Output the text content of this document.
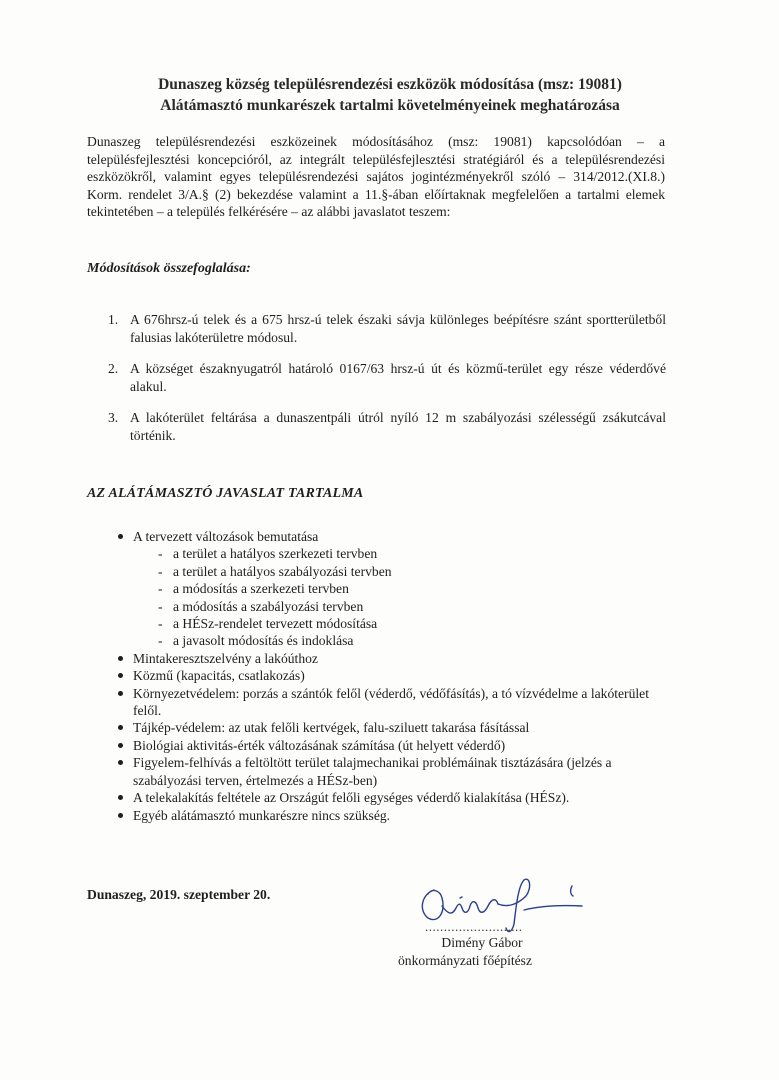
Dunaszeg község településrendezési eszközök módosítása (msz: 19081)
Alátámasztó munkarészek tartalmi követelményeinek meghatározása
Dunaszeg településrendezési eszközeinek módosításához (msz: 19081) kapcsolódóan – a településfejlesztési koncepcióról, az integrált településfejlesztési stratégiáról és a településrendezési eszközökről, valamint egyes településrendezési sajátos jogintézményekről szóló – 314/2012.(XI.8.) Korm. rendelet 3/A.§ (2) bekezdése valamint a 11.§-ában előírtaknak megfelelően a tartalmi elemek tekintetében – a település felkérésére – az alábbi javaslatot teszem:
Módosítások összefoglalása:
1. A 676hrsz-ú telek és a 675 hrsz-ú telek északi sávja különleges beépítésre szánt sportterületből falusias lakóterületre módosul.
2. A községet északnyugatról határoló 0167/63 hrsz-ú út és közmű-terület egy része véderdővé alakul.
3. A lakóterület feltárása a dunaszentpáli útról nyíló 12 m szabályozási szélességű zsákutcával történik.
AZ ALÁTÁMASZTÓ JAVASLAT TARTALMA
A tervezett változások bemutatása
- a terület a hatályos szerkezeti tervben
- a terület a hatályos szabályozási tervben
- a módosítás a szerkezeti tervben
- a módosítás a szabályozási tervben
- a HÉSz-rendelet tervezett módosítása
- a javasolt módosítás és indoklása
Mintakeresztszelvény a lakóúthoz
Közmű (kapacitás, csatlakozás)
Környezetvédelem: porzás a szántók felől (véderdő, védőfásítás), a tó vízvédelme a lakóterület felől.
Tájkép-védelem: az utak felőli kertvégek, falu-sziluett takarása fásítással
Biológiai aktivitás-érték változásának számítása (út helyett véderdő)
Figyelem-felhívás a feltöltött terület talajmechanikai problémáinak tisztázására (jelzés a szabályozási terven, értelmezés a HÉSz-ben)
A telekalakítás feltétele az Országút felőli egységes véderdő kialakítása (HÉSz).
Egyéb alátámasztó munkarészre nincs szükség.
Dunaszeg, 2019. szeptember 20.
..........................
Dimény Gábor
önkormányzati főépítész
